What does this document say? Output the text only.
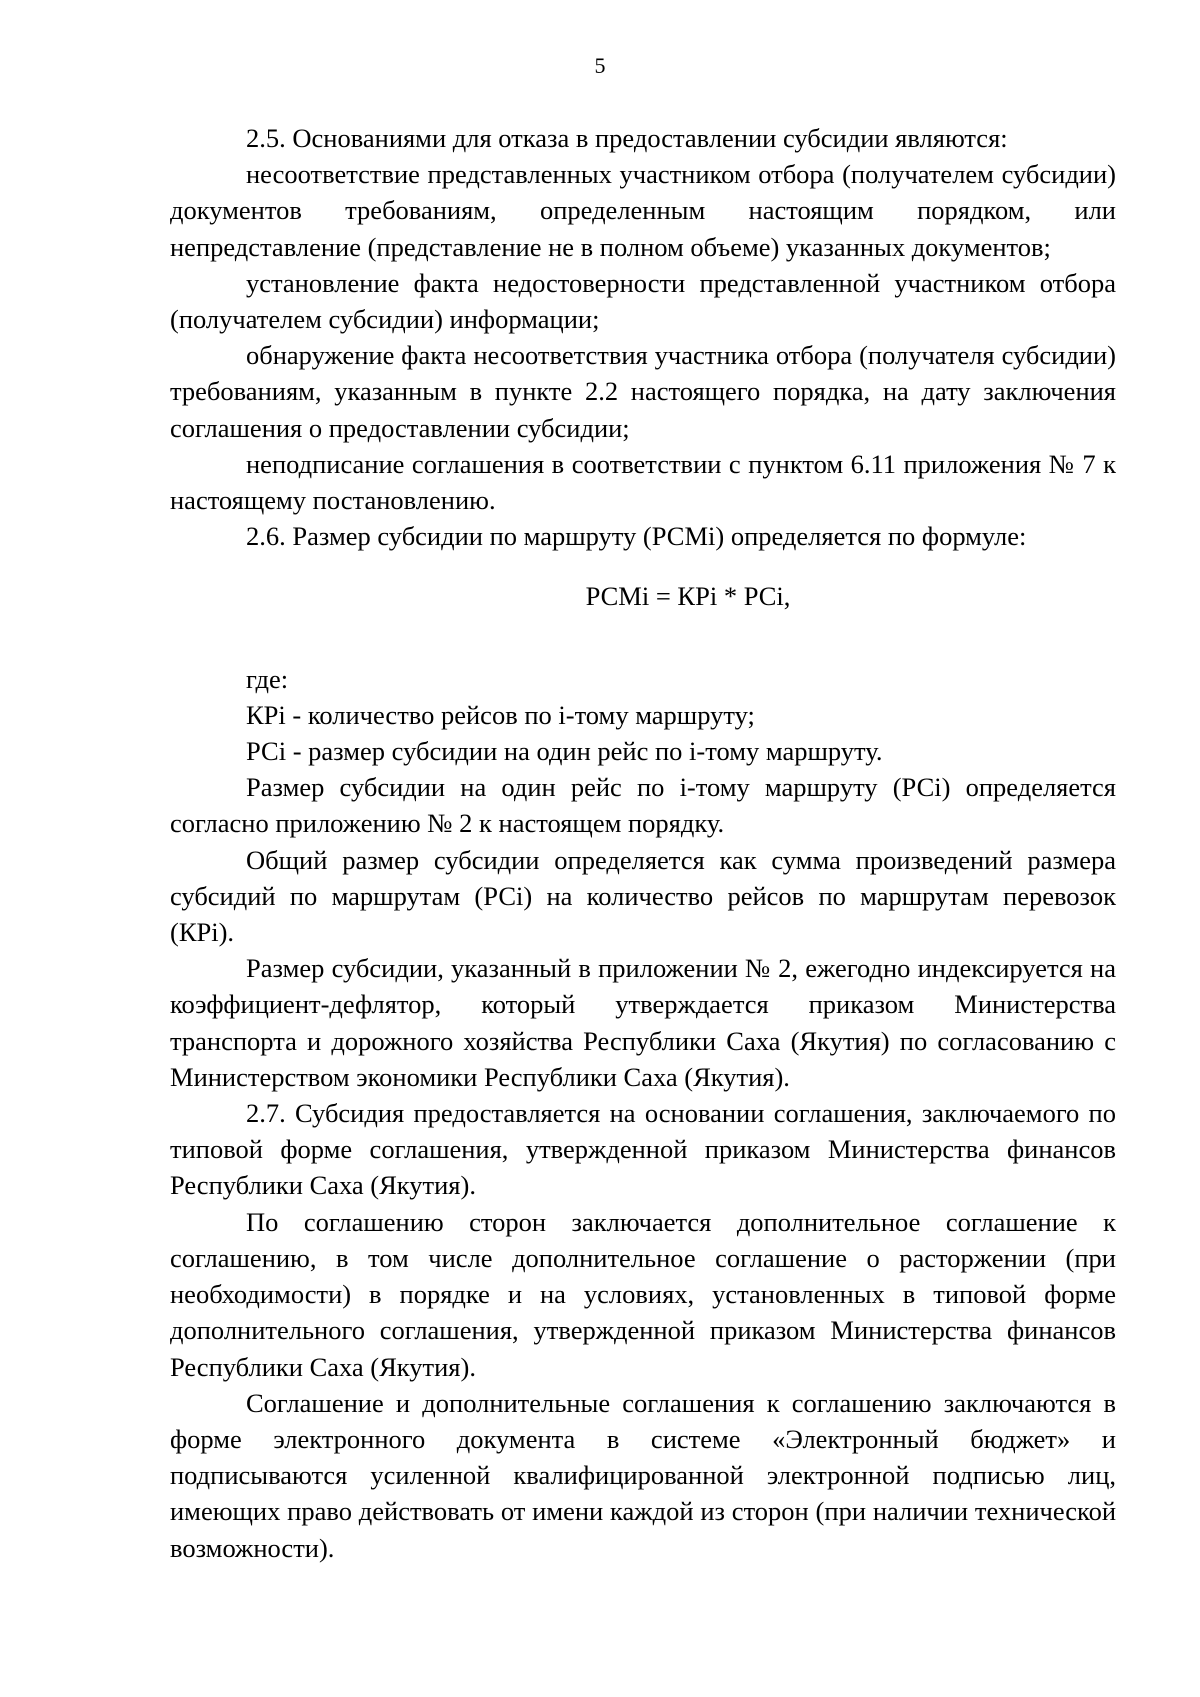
5

2.5. Основаниями для отказа в предоставлении субсидии являются:

несоответствие представленных участником отбора (получателем субсидии) документов требованиям, определенным настоящим порядком, или непредставление (представление не в полном объеме) указанных документов;

установление факта недостоверности представленной участником отбора (получателем субсидии) информации;

обнаружение факта несоответствия участника отбора (получателя субсидии) требованиям, указанным в пункте 2.2 настоящего порядка, на дату заключения соглашения о предоставлении субсидии;

неподписание соглашения в соответствии с пунктом 6.11 приложения № 7 к настоящему постановлению.

2.6. Размер субсидии по маршруту (РСМi) определяется по формуле:

РСМi = КРi * РСi,

где:

КРi - количество рейсов по i-тому маршруту;

РСi - размер субсидии на один рейс по i-тому маршруту.

Размер субсидии на один рейс по i-тому маршруту (РСi) определяется согласно приложению № 2 к настоящем порядку.

Общий размер субсидии определяется как сумма произведений размера субсидий по маршрутам (РСi) на количество рейсов по маршрутам перевозок (КРi).

Размер субсидии, указанный в приложении № 2, ежегодно индексируется на коэффициент-дефлятор, который утверждается приказом Министерства транспорта и дорожного хозяйства Республики Саха (Якутия) по согласованию с Министерством экономики Республики Саха (Якутия).

2.7. Субсидия предоставляется на основании соглашения, заключаемого по типовой форме соглашения, утвержденной приказом Министерства финансов Республики Саха (Якутия).

По соглашению сторон заключается дополнительное соглашение к соглашению, в том числе дополнительное соглашение о расторжении (при необходимости) в порядке и на условиях, установленных в типовой форме дополнительного соглашения, утвержденной приказом Министерства финансов Республики Саха (Якутия).

Соглашение и дополнительные соглашения к соглашению заключаются в форме электронного документа в системе «Электронный бюджет» и подписываются усиленной квалифицированной электронной подписью лиц, имеющих право действовать от имени каждой из сторон (при наличии технической возможности).
